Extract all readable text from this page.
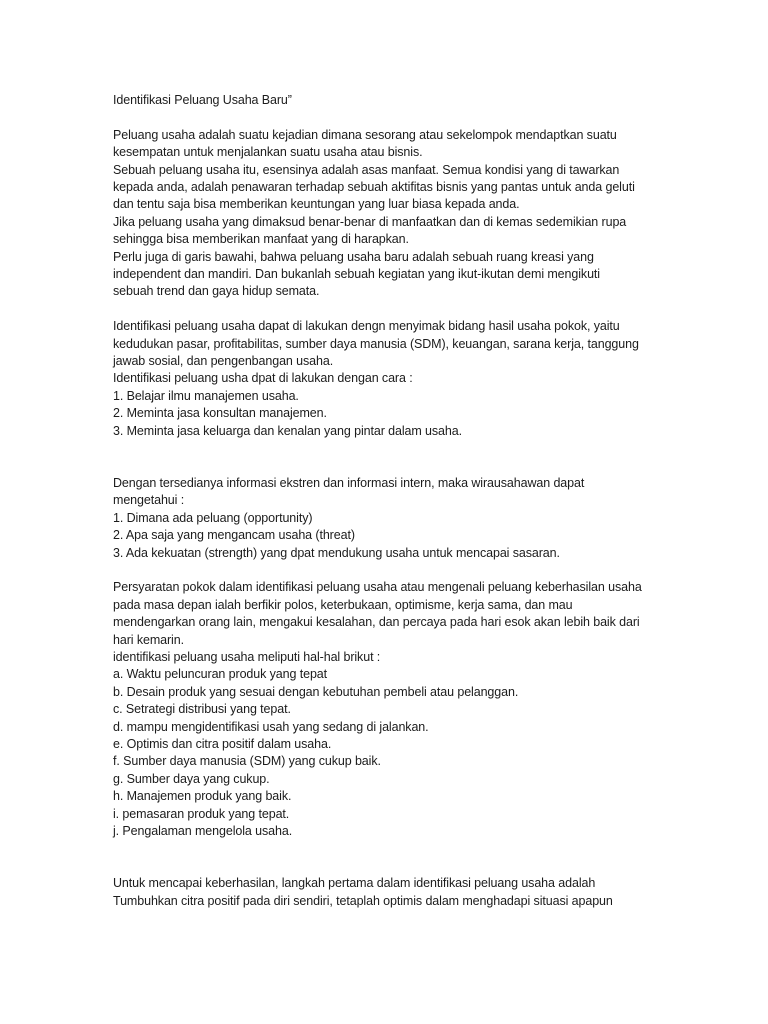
Identifikasi Peluang Usaha Baru”
Peluang usaha adalah suatu kejadian dimana sesorang atau sekelompok mendaptkan suatu
kesempatan untuk menjalankan suatu usaha atau bisnis.
Sebuah peluang usaha itu, esensinya adalah asas manfaat. Semua kondisi yang di tawarkan
kepada anda, adalah penawaran terhadap sebuah aktifitas bisnis yang pantas untuk anda geluti
dan tentu saja bisa memberikan keuntungan yang luar biasa kepada anda.
Jika peluang usaha yang dimaksud benar-benar di manfaatkan dan di kemas sedemikian rupa
sehingga bisa memberikan manfaat yang di harapkan.
Perlu juga di garis bawahi, bahwa peluang usaha baru adalah sebuah ruang kreasi yang
independent dan mandiri. Dan bukanlah sebuah kegiatan yang ikut-ikutan demi mengikuti
sebuah trend dan gaya hidup semata.
Identifikasi peluang usaha dapat di lakukan dengn menyimak bidang hasil usaha pokok, yaitu
kedudukan pasar, profitabilitas, sumber daya manusia (SDM), keuangan, sarana kerja, tanggung
jawab sosial, dan pengenbangan usaha.
Identifikasi peluang usha dpat di lakukan dengan cara :
1. Belajar ilmu manajemen usaha.
2. Meminta jasa konsultan manajemen.
3. Meminta jasa keluarga dan kenalan yang pintar dalam usaha.
Dengan tersedianya informasi ekstren dan informasi intern, maka wirausahawan dapat
mengetahui :
1. Dimana ada peluang (opportunity)
2. Apa saja yang mengancam usaha (threat)
3. Ada kekuatan (strength) yang dpat mendukung usaha untuk mencapai sasaran.
Persyaratan pokok dalam identifikasi peluang usaha atau mengenali peluang keberhasilan usaha
pada masa depan ialah berfikir polos, keterbukaan, optimisme, kerja sama, dan mau
mendengarkan orang lain, mengakui kesalahan, dan percaya pada hari esok akan lebih baik dari
hari kemarin.
identifikasi peluang usaha meliputi hal-hal brikut :
a. Waktu peluncuran produk yang tepat
b. Desain produk yang sesuai dengan kebutuhan pembeli atau pelanggan.
c. Setrategi distribusi yang tepat.
d. mampu mengidentifikasi usah yang sedang di jalankan.
e. Optimis dan citra positif dalam usaha.
f. Sumber daya manusia (SDM) yang cukup baik.
g. Sumber daya yang cukup.
h. Manajemen produk yang baik.
i. pemasaran produk yang tepat.
j. Pengalaman mengelola usaha.
Untuk mencapai keberhasilan, langkah pertama dalam identifikasi peluang usaha adalah
Tumbuhkan citra positif pada diri sendiri, tetaplah optimis dalam menghadapi situasi apapun
